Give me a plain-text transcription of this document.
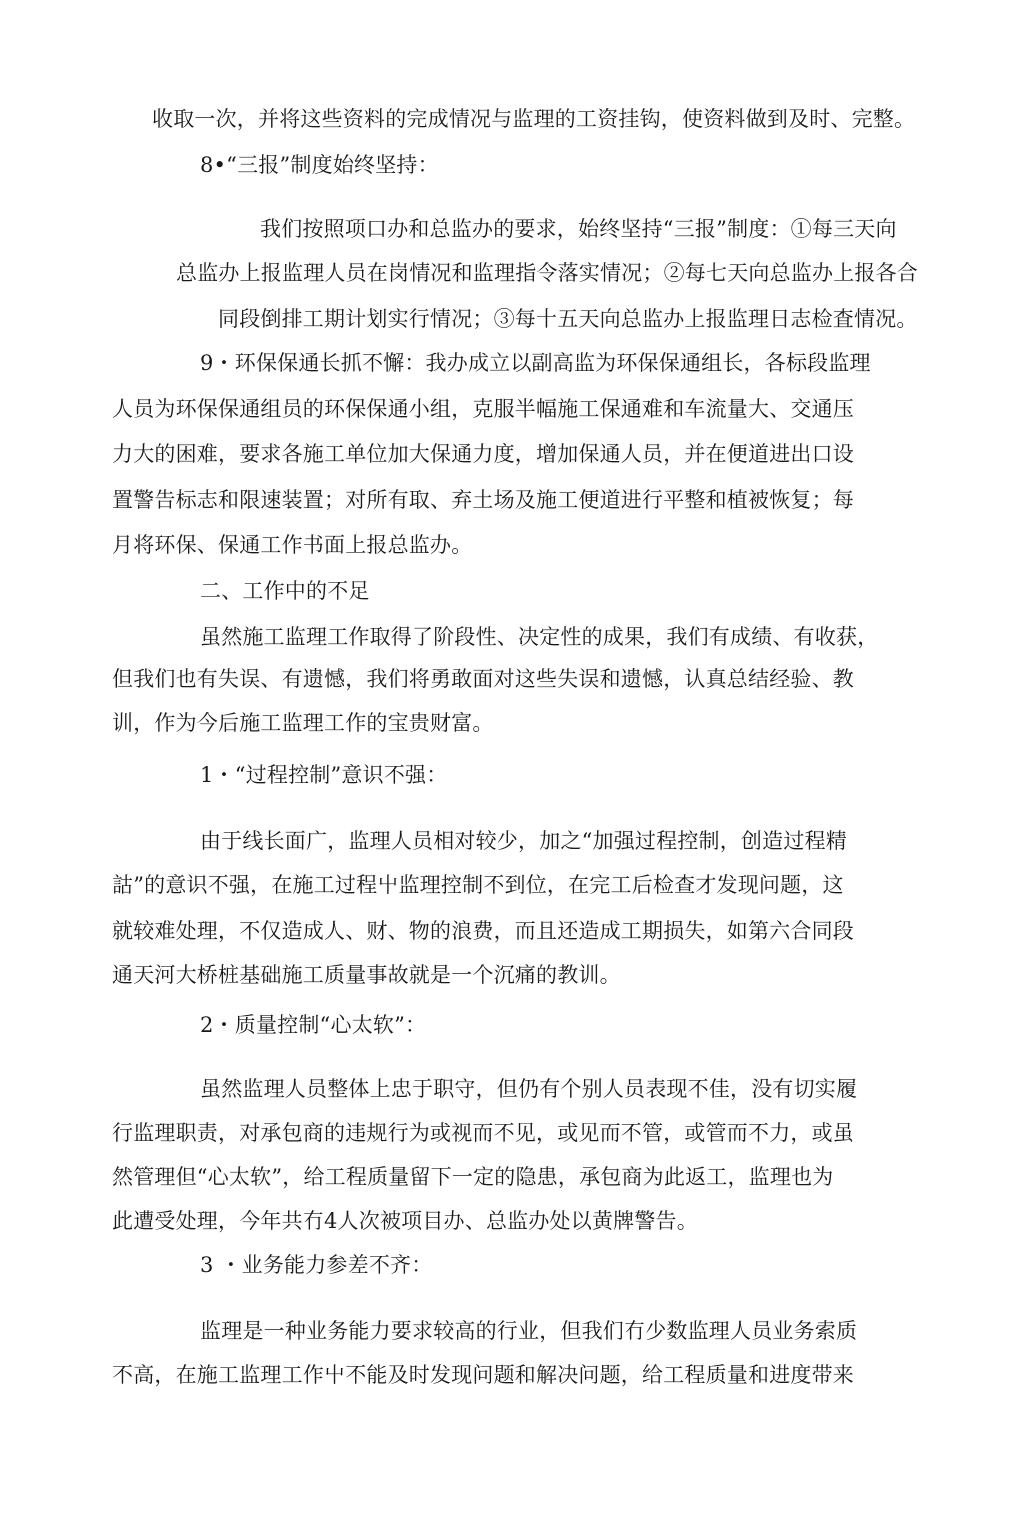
收取一次，并将这些资料的完成情况与监理的工资挂钩，使资料做到及时、完整。
8•“三报”制度始终坚持：
我们按照项口办和总监办的要求，始终坚持“三报”制度：①每三天向
总监办上报监理人员在岗情况和监理指令落实情况；②每七天向总监办上报各合
同段倒排工期计划实行情况；③每十五天向总监办上报监理日志检査情况。
9・环保保通长抓不懈：我办成立以副高监为环保保通组长，各标段监理
人员为环保保通组员的环保保通小组，克服半幅施工保通难和车流量大、交通压
力大的困难，要求各施工单位加大保通力度，增加保通人员，并在便道进出口设
置警告标志和限速装置；对所有取、弃土场及施工便道进行平整和植被恢复；每
月将环保、保通工作书面上报总监办。
二、工作中的不足
虽然施工监理工作取得了阶段性、决定性的成果，我们有成绩、有收获，
但我们也有失误、有遗憾，我们将勇敢面对这些失误和遗憾，认真总结经验、教
训，作为今后施工监理工作的宝贵财富。
1・“过程控制”意识不强：
由于线长面广，监理人员相对较少，加之“加强过程控制，创造过程精
詁”的意识不强，在施工过程屮监理控制不到位，在完工后检查才发现问题，这
就较难处理，不仅造成人、财、物的浪费，而且还造成工期损失，如第六合同段
通天河大桥桩基础施工质量事故就是一个沉痛的教训。
2・质量控制“心太软”：
虽然监理人员整体上忠于职守，但仍有个别人员表现不佳，没有切实履
行监理职责，对承包商的违规行为或视而不见，或见而不管，或管而不力，或虽
然管理但“心太软”，给工程质量留下一定的隐患，承包商为此返工，监理也为
此遭受处理，今年共冇4人次被项目办、总监办处以黄牌警告。
3 ・业务能力参差不齐：
监理是一种业务能力要求较高的行业，但我们冇少数监理人员业务索质
不高，在施工监理工作屮不能及时发现问题和解决问题，给工程质量和进度带来
